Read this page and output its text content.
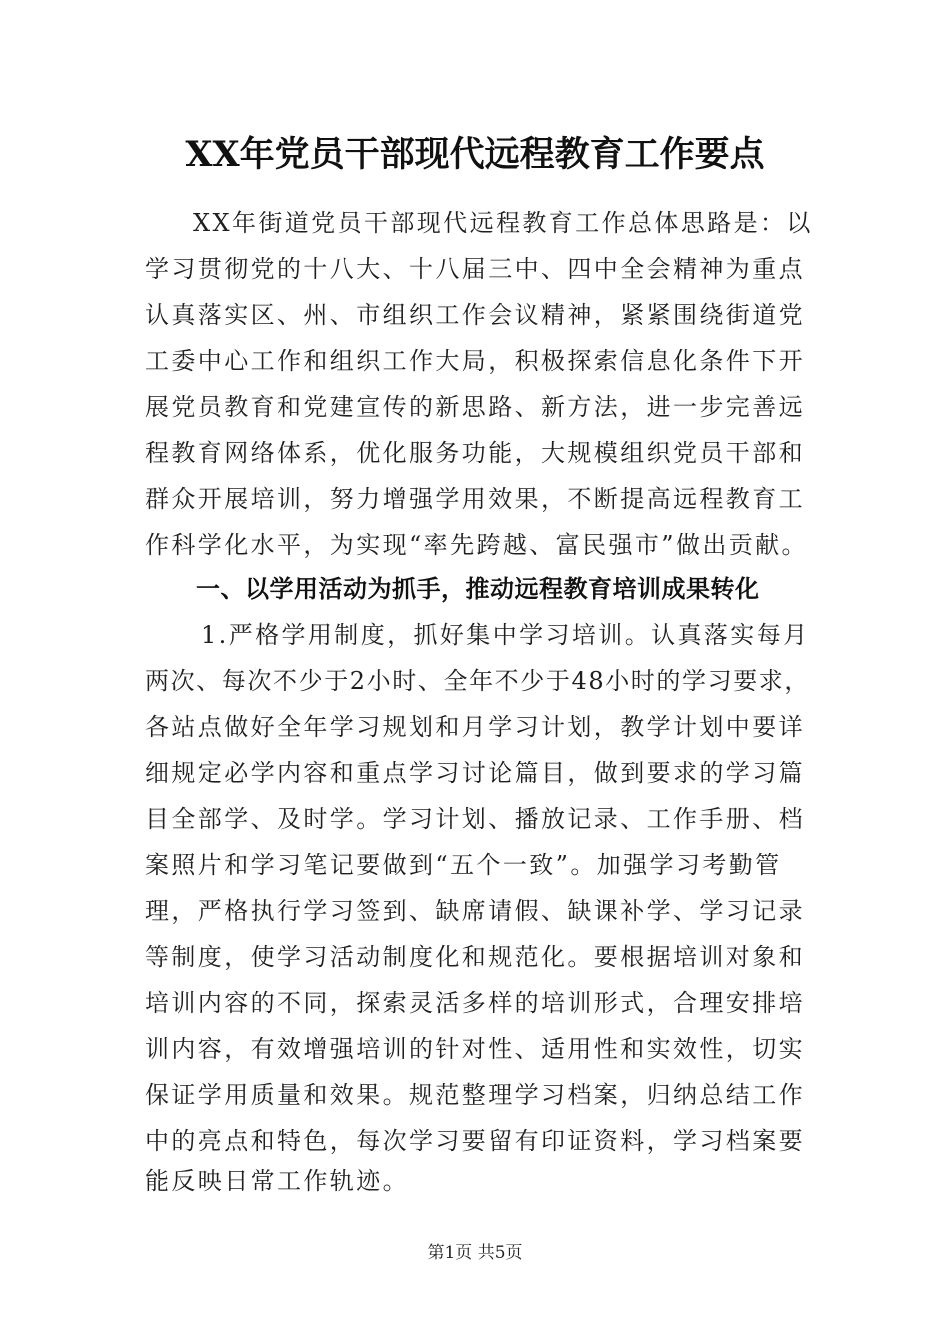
XX年党员干部现代远程教育工作要点
XX年街道党员干部现代远程教育工作总体思路是：以
学习贯彻党的十八大、十八届三中、四中全会精神为重点
认真落实区、州、市组织工作会议精神，紧紧围绕街道党
工委中心工作和组织工作大局，积极探索信息化条件下开
展党员教育和党建宣传的新思路、新方法，进一步完善远
程教育网络体系，优化服务功能，大规模组织党员干部和
群众开展培训，努力增强学用效果，不断提高远程教育工
作科学化水平，为实现“率先跨越、富民强市”做出贡献。
一、以学用活动为抓手，推动远程教育培训成果转化
1.严格学用制度，抓好集中学习培训。认真落实每月
两次、每次不少于2小时、全年不少于48小时的学习要求，
各站点做好全年学习规划和月学习计划，教学计划中要详
细规定必学内容和重点学习讨论篇目，做到要求的学习篇
目全部学、及时学。学习计划、播放记录、工作手册、档
案照片和学习笔记要做到“五个一致”。加强学习考勤管
理，严格执行学习签到、缺席请假、缺课补学、学习记录
等制度，使学习活动制度化和规范化。要根据培训对象和
培训内容的不同，探索灵活多样的培训形式，合理安排培
训内容，有效增强培训的针对性、适用性和实效性，切实
保证学用质量和效果。规范整理学习档案，归纳总结工作
中的亮点和特色，每次学习要留有印证资料，学习档案要
能反映日常工作轨迹。
第1页 共5页
